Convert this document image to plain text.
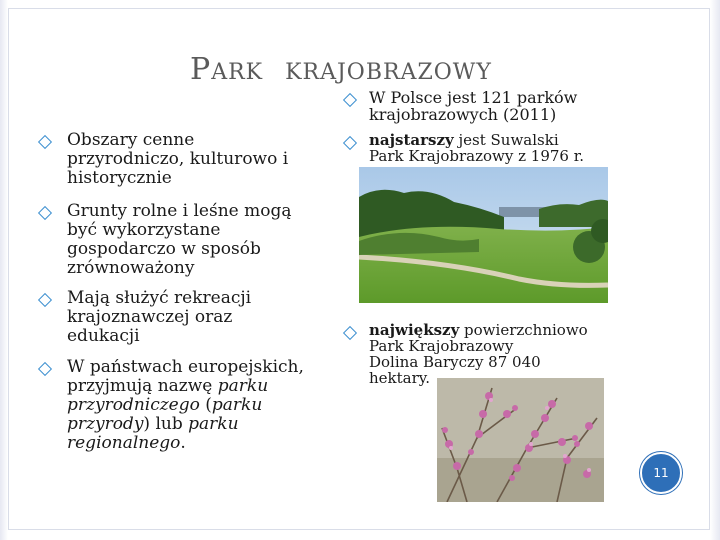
PARK KRAJOBRAZOWY
Obszary cenne
przyrodniczo, kulturowo i
historycznie
Grunty rolne i leśne mogą
być wykorzystane
gospodarczo w sposób
zrównoważony
Mają służyć rekreacji
krajoznawczej oraz
edukacji
W państwach europejskich,
przyjmują nazwę parku
przyrodniczego (parku
przyrody) lub parku
regionalnego.
W Polsce jest 121 parków
krajobrazowych (2011)
najstarszy jest Suwalski
Park Krajobrazowy z 1976 r.
największy powierzchniowo
Park Krajobrazowy
Dolina Baryczy 87 040
hektary.
11
